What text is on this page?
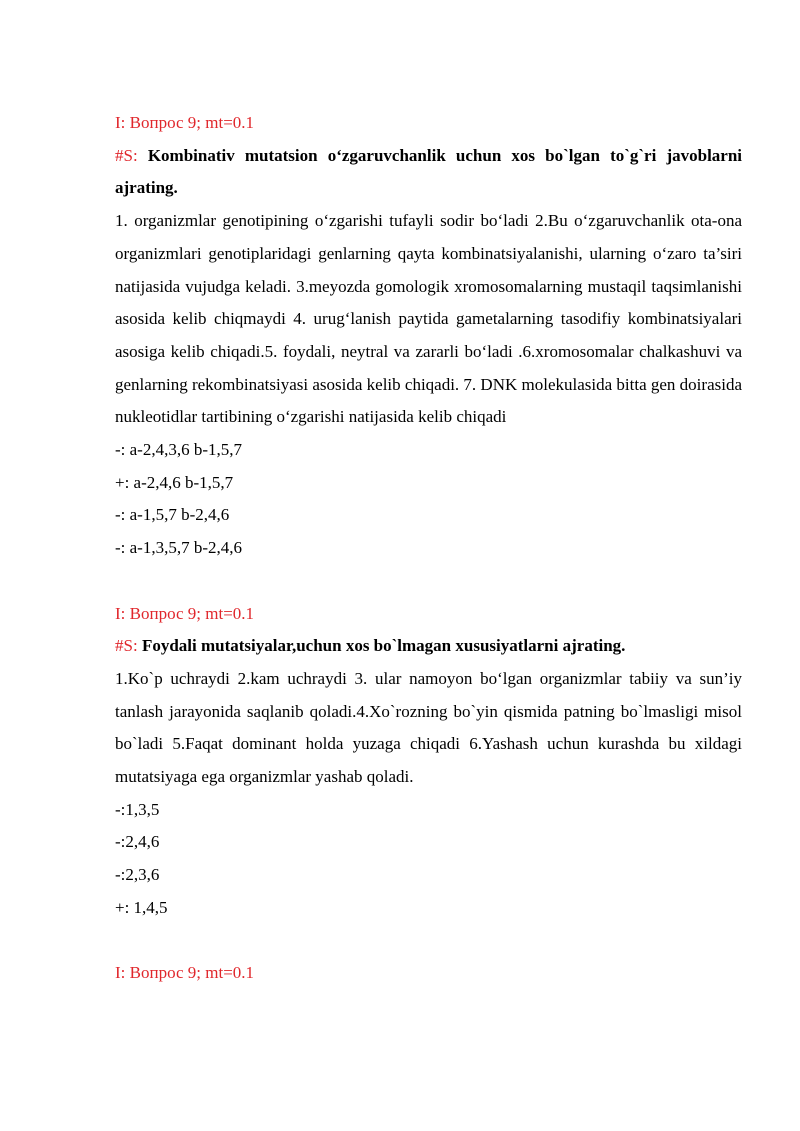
I: Вопрос 9; mt=0.1

#S: Kombinativ mutatsion o‘zgaruvchanlik uchun xos bo`lgan to`g`ri javoblarni ajrating.

1. organizmlar genotipining o‘zgarishi tufayli sodir bo‘ladi 2.Bu o‘zgaruvchanlik ota-ona organizmlari genotiplaridagi genlarning qayta kombinatsiyalanishi, ularning o‘zaro ta’siri natijasida vujudga keladi. 3.meyozda gomologik xromosomalarning mustaqil taqsimlanishi asosida kelib chiqmaydi 4. urug‘lanish paytida gametalarning tasodifiy kombinatsiyalari asosiga kelib chiqadi.5. foydali, neytral va zararli bo‘ladi .6.xromosomalar chalkashuvi va genlarning rekombinatsiyasi asosida kelib chiqadi. 7. DNK molekulasida bitta gen doirasida nukleotidlar tartibining o‘zgarishi natijasida kelib chiqadi

-: a-2,4,3,6 b-1,5,7

+: a-2,4,6 b-1,5,7

-: a-1,5,7 b-2,4,6

-: a-1,3,5,7 b-2,4,6

I: Вопрос 9; mt=0.1

#S: Foydali mutatsiyalar,uchun xos bo`lmagan xususiyatlarni ajrating.

1.Ko`p uchraydi 2.kam uchraydi 3. ular namoyon bo‘lgan organizmlar tabiiy va sun’iy tanlash jarayonida saqlanib qoladi.4.Xo`rozning bo`yin qismida patning bo`lmasligi misol bo`ladi 5.Faqat dominant holda yuzaga chiqadi 6.Yashash uchun kurashda bu xildagi mutatsiyaga ega organizmlar yashab qoladi.

-:1,3,5

-:2,4,6

-:2,3,6

+: 1,4,5

I: Вопрос 9; mt=0.1
